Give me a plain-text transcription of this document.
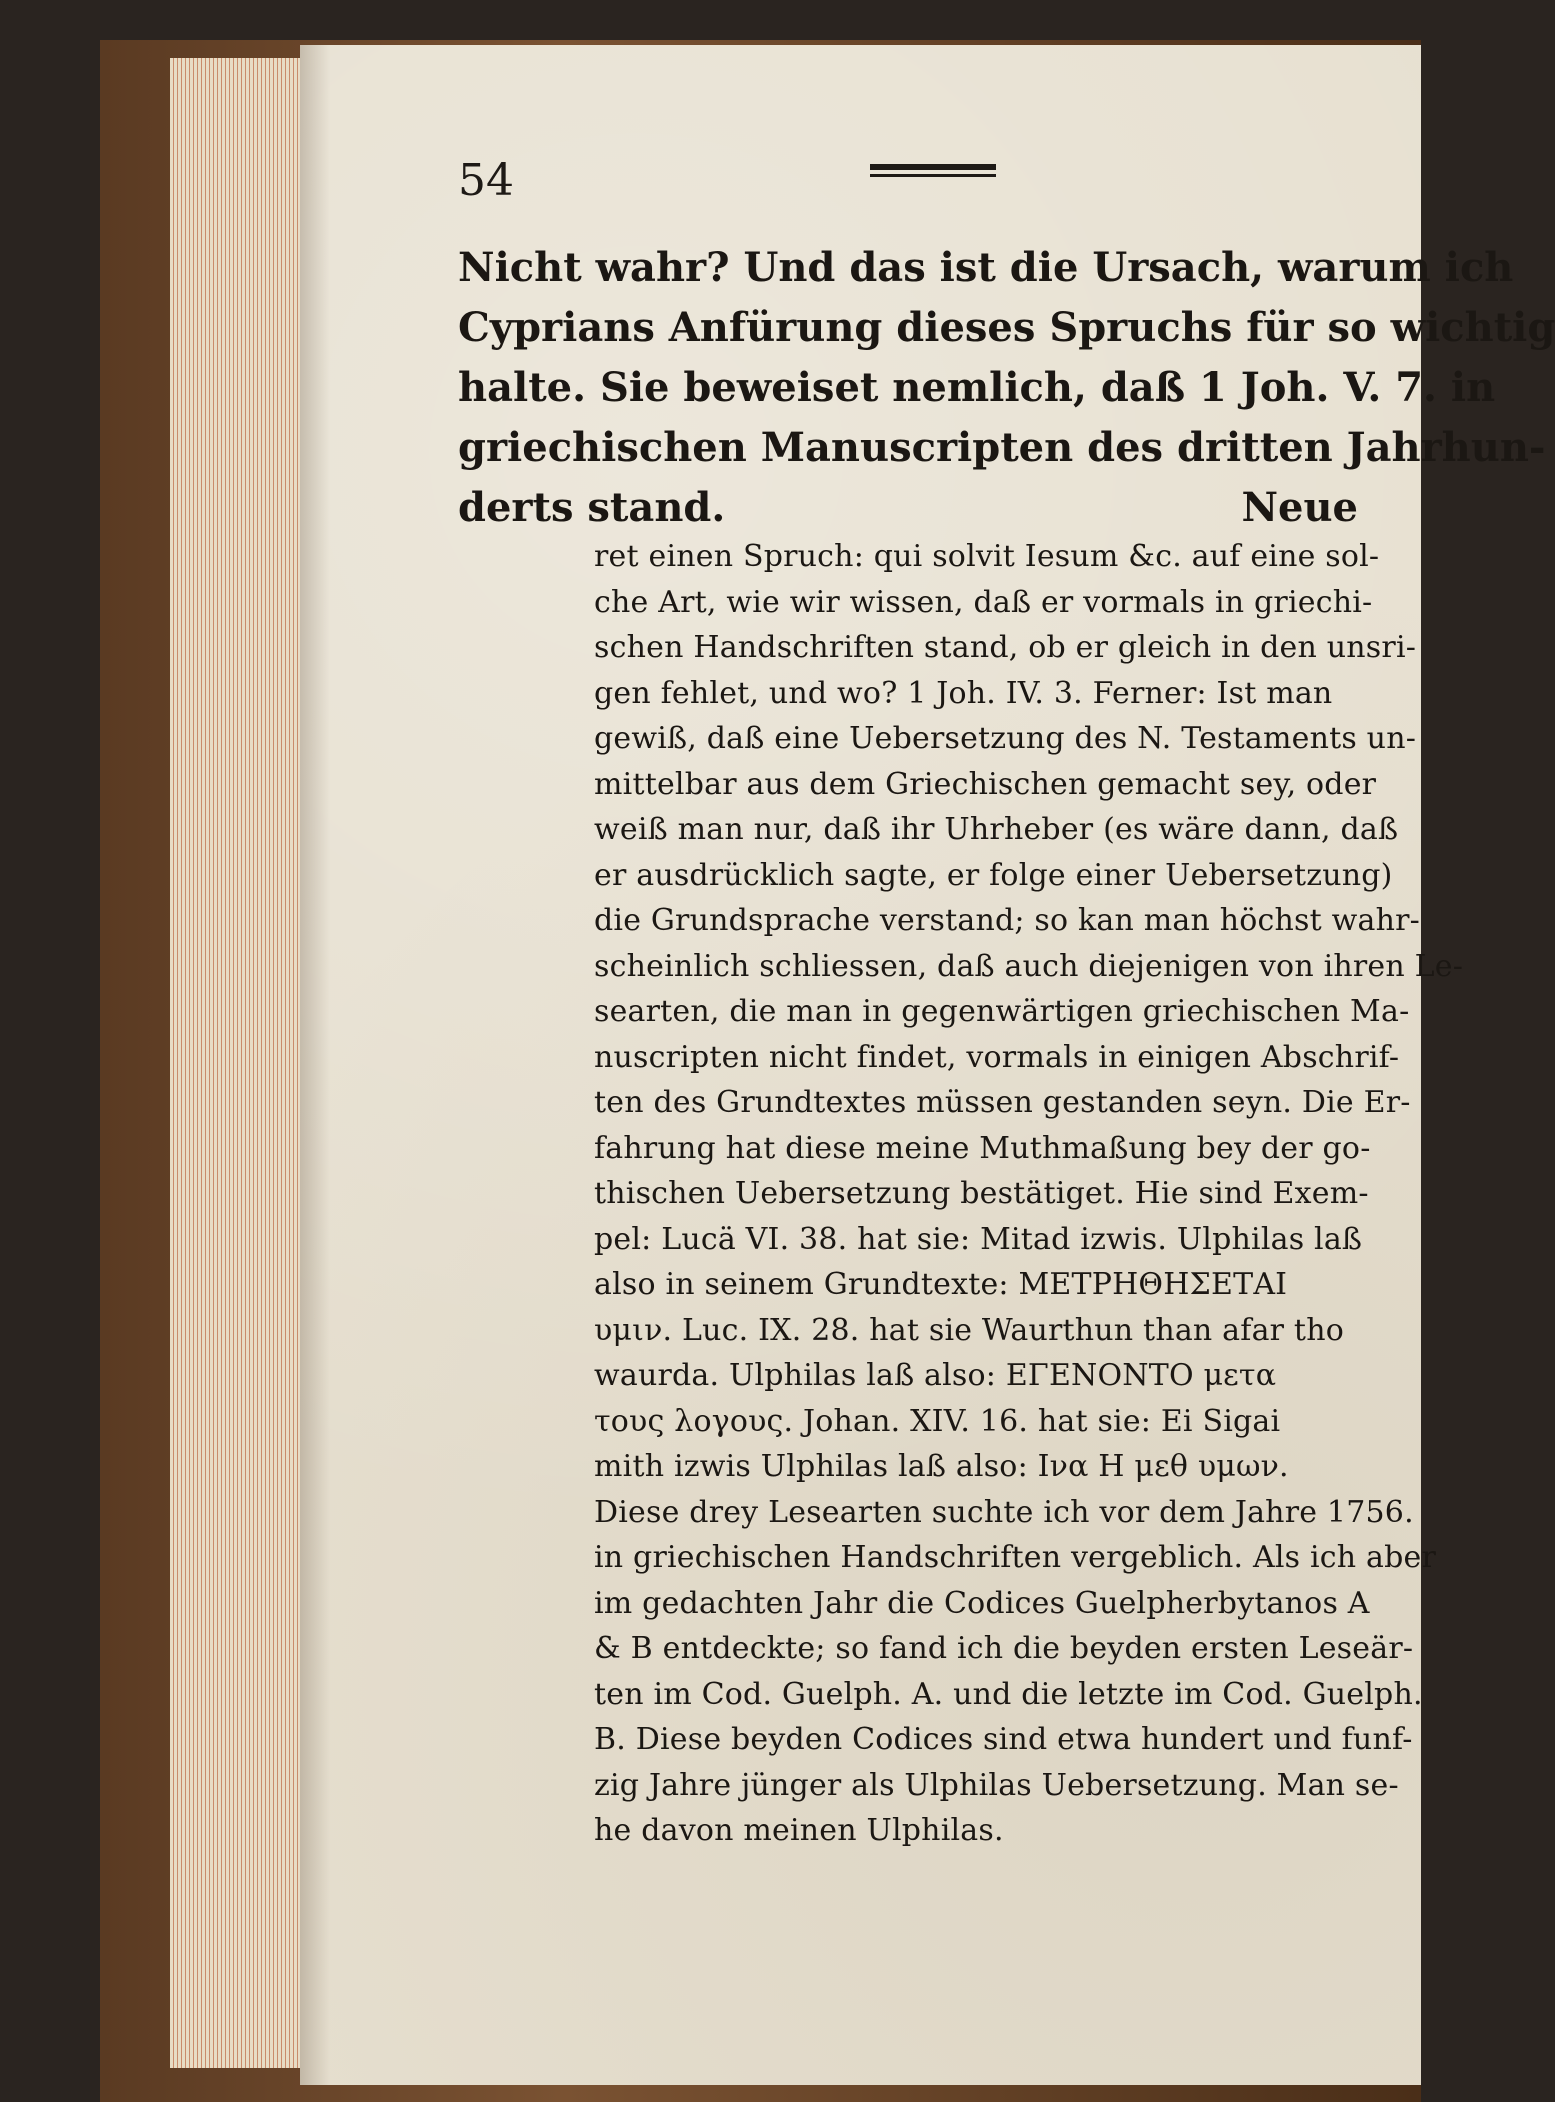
54
Nicht wahr? Und das ist die Ursach, warum ich
Cyprians Anfürung dieses Spruchs für so wichtig
halte. Sie beweiset nemlich, daß 1 Joh. V. 7. in
griechischen Manuscripten des dritten Jahrhun-
derts stand.	Neue
ret einen Spruch: qui solvit Iesum &c. auf eine sol-
che Art, wie wir wissen, daß er vormals in griechi-
schen Handschriften stand, ob er gleich in den unsri-
gen fehlet, und wo? 1 Joh. IV. 3. Ferner: Ist man
gewiß, daß eine Uebersetzung des N. Testaments un-
mittelbar aus dem Griechischen gemacht sey, oder
weiß man nur, daß ihr Uhrheber (es wäre dann, daß
er ausdrücklich sagte, er folge einer Uebersetzung)
die Grundsprache verstand; so kan man höchst wahr-
scheinlich schliessen, daß auch diejenigen von ihren Le-
searten, die man in gegenwärtigen griechischen Ma-
nuscripten nicht findet, vormals in einigen Abschrif-
ten des Grundtextes müssen gestanden seyn. Die Er-
fahrung hat diese meine Muthmaßung bey der go-
thischen Uebersetzung bestätiget. Hie sind Exem-
pel: Lucä VI. 38. hat sie: Mitad izwis. Ulphilas laß
also in seinem Grundtexte: ΜΕΤΡΗΘΗΣΕΤΑΙ
υμιν. Luc. IX. 28. hat sie Waurthun than afar tho
waurda. Ulphilas laß also: ΕΓΕΝΟΝΤΟ μετα
τους λογους. Johan. XIV. 16. hat sie: Ei Sigai
mith izwis Ulphilas laß also: Ινα Η μεθ υμων.
Diese drey Lesearten suchte ich vor dem Jahre 1756.
in griechischen Handschriften vergeblich. Als ich aber
im gedachten Jahr die Codices Guelpherbytanos A
& B entdeckte; so fand ich die beyden ersten Leseär-
ten im Cod. Guelph. A. und die letzte im Cod. Guelph.
B. Diese beyden Codices sind etwa hundert und funf-
zig Jahre jünger als Ulphilas Uebersetzung. Man se-
he davon meinen Ulphilas.
